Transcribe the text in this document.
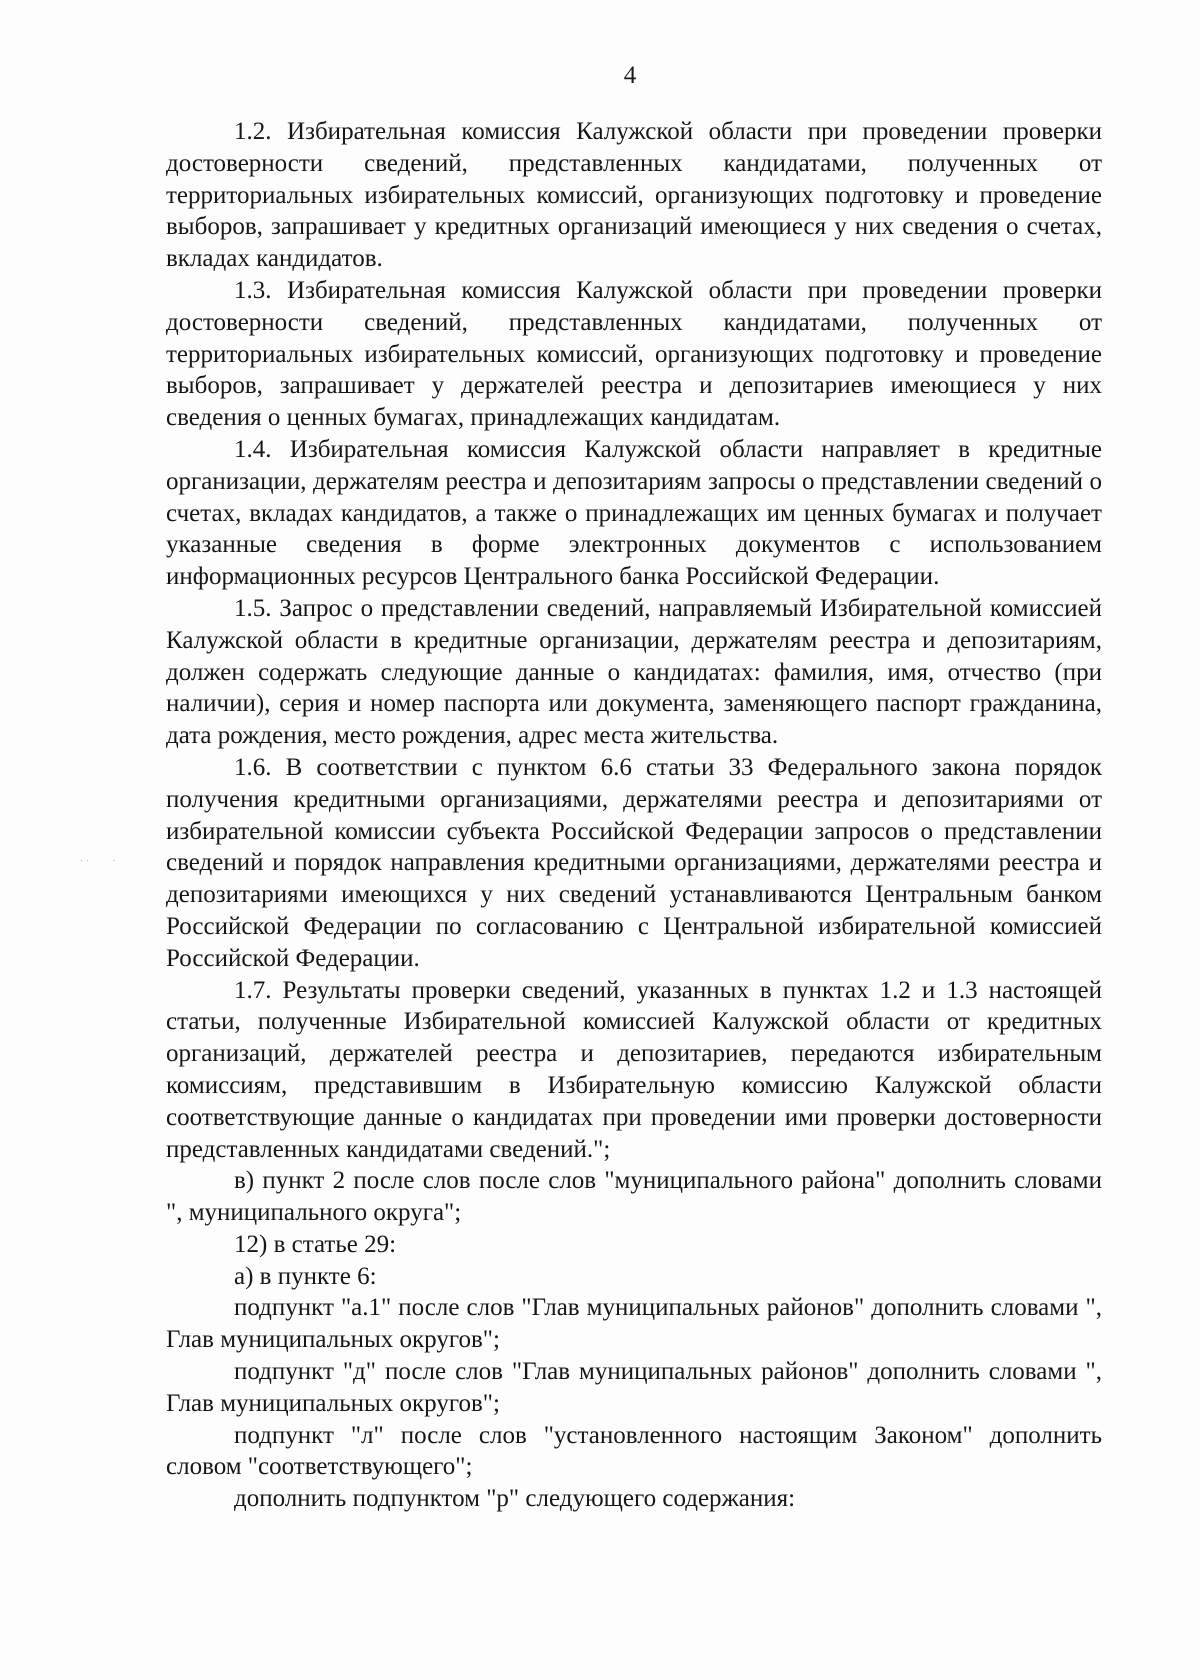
4
⋅⋅ ⋅

1.2. Избирательная комиссия Калужской области при проведении проверки достоверности сведений, представленных кандидатами, полученных от территориальных избирательных комиссий, организующих подготовку и проведение выборов, запрашивает у кредитных организаций имеющиеся у них сведения о счетах, вкладах кандидатов.

1.3. Избирательная комиссия Калужской области при проведении проверки достоверности сведений, представленных кандидатами, полученных от территориальных избирательных комиссий, организующих подготовку и проведение выборов, запрашивает у держателей реестра и депозитариев имеющиеся у них сведения о ценных бумагах, принадлежащих кандидатам.

1.4. Избирательная комиссия Калужской области направляет в кредитные организации, держателям реестра и депозитариям запросы о представлении сведений о счетах, вкладах кандидатов, а также о принадлежащих им ценных бумагах и получает указанные сведения в форме электронных документов с использованием информационных ресурсов Центрального банка Российской Федерации.

1.5. Запрос о представлении сведений, направляемый Избирательной комиссией Калужской области в кредитные организации, держателям реестра и депозитариям, должен содержать следующие данные о кандидатах: фамилия, имя, отчество (при наличии), серия и номер паспорта или документа, заменяющего паспорт гражданина, дата рождения, место рождения, адрес места жительства.

1.6. В соответствии с пунктом 6.6 статьи 33 Федерального закона порядок получения кредитными организациями, держателями реестра и депозитариями от избирательной комиссии субъекта Российской Федерации запросов о представлении сведений и порядок направления кредитными организациями, держателями реестра и депозитариями имеющихся у них сведений устанавливаются Центральным банком Российской Федерации по согласованию с Центральной избирательной комиссией Российской Федерации.

1.7. Результаты проверки сведений, указанных в пунктах 1.2 и 1.3 настоящей статьи, полученные Избирательной комиссией Калужской области от кредитных организаций, держателей реестра и депозитариев, передаются избирательным комиссиям, представившим в Избирательную комиссию Калужской области соответствующие данные о кандидатах при проведении ими проверки достоверности представленных кандидатами сведений.";

в) пункт 2 после слов после слов "муниципального района" дополнить словами ", муниципального округа";

12) в статье 29:

а) в пункте 6:

подпункт "а.1" после слов "Глав муниципальных районов" дополнить словами ", Глав муниципальных округов";

подпункт "д" после слов "Глав муниципальных районов" дополнить словами ", Глав муниципальных округов";

подпункт "л" после слов "установленного настоящим Законом" дополнить словом "соответствующего";

дополнить подпунктом "р" следующего содержания:
